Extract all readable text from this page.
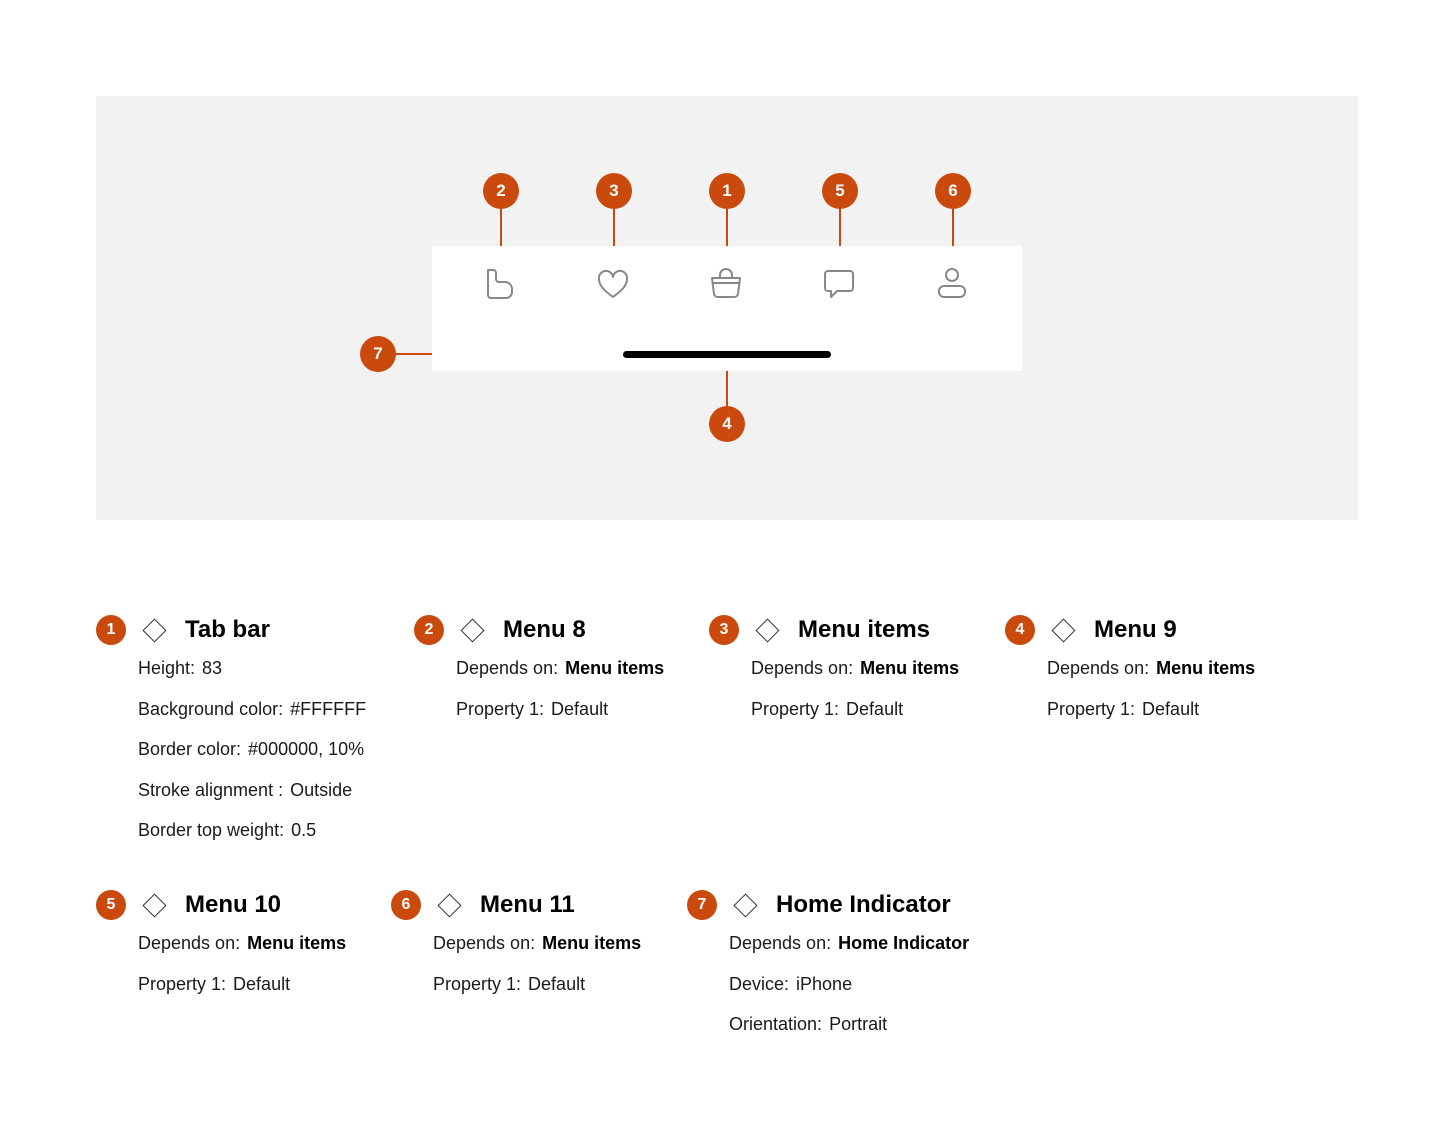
2	3	1	5	6
4
7
1	Tab bar
Height: 83
Background color: #FFFFFF
Border color: #000000, 10%
Stroke alignment : Outside
Border top weight: 0.5
2	Menu 8
Depends on: Menu items
Property 1: Default
3	Menu items
Depends on: Menu items
Property 1: Default
4	Menu 9
Depends on: Menu items
Property 1: Default
5	Menu 10
Depends on: Menu items
Property 1: Default
6	Menu 11
Depends on: Menu items
Property 1: Default
7	Home Indicator
Depends on: Home Indicator
Device: iPhone
Orientation: Portrait
